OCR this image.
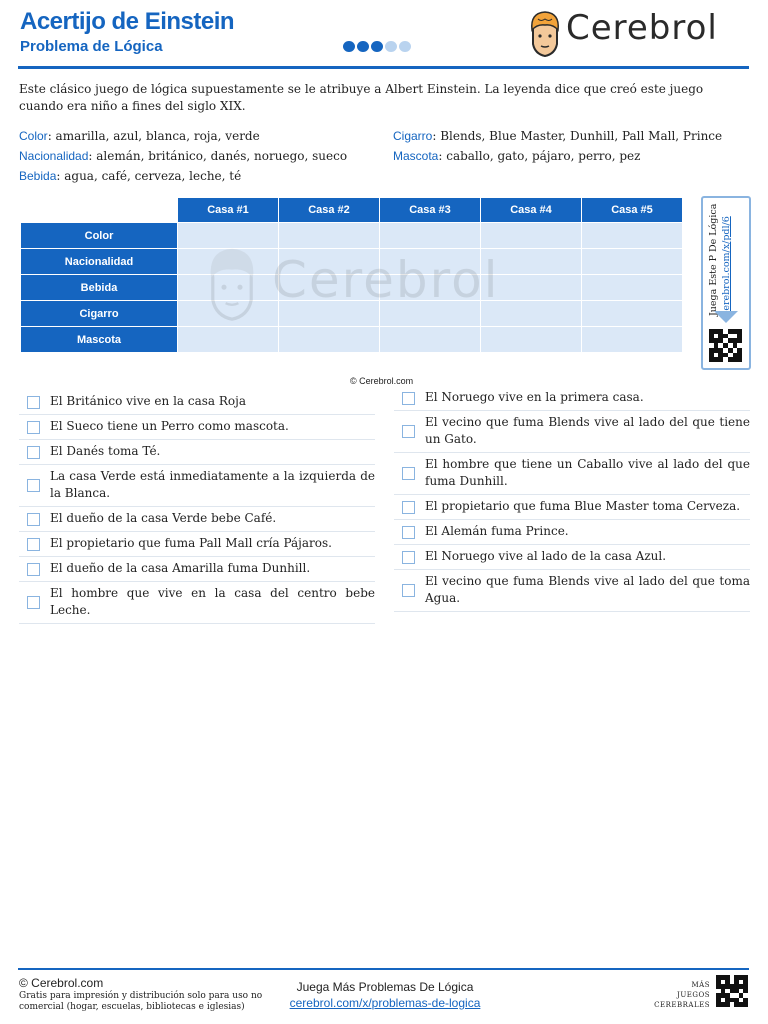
Acertijo de Einstein
Problema de Lógica	Cerebrol
Este clásico juego de lógica supuestamente se le atribuye a Albert Einstein. La leyenda dice que creó este juego cuando era niño a fines del siglo XIX.
Color: amarilla, azul, blanca, roja, verde
Nacionalidad: alemán, británico, danés, noruego, sueco
Bebida: agua, café, cerveza, leche, té
Cigarro: Blends, Blue Master, Dunhill, Pall Mall, Prince
Mascota: caballo, gato, pájaro, perro, pez
	Casa #1	Casa #2	Casa #3	Casa #4	Casa #5
Color					
Nacionalidad					
Bebida					
Cigarro					
Mascota					
Juega Este P De Lógica cerebrol.com/x/pdl/6
© Cerebrol.com
El Británico vive en la casa Roja
El Sueco tiene un Perro como mascota.
El Danés toma Té.
La casa Verde está inmediatamente a la izquierda de la Blanca.
El dueño de la casa Verde bebe Café.
El propietario que fuma Pall Mall cría Pájaros.
El dueño de la casa Amarilla fuma Dunhill.
El hombre que vive en la casa del centro bebe Leche.
El Noruego vive en la primera casa.
El vecino que fuma Blends vive al lado del que tiene un Gato.
El hombre que tiene un Caballo vive al lado del que fuma Dunhill.
El propietario que fuma Blue Master toma Cerveza.
El Alemán fuma Prince.
El Noruego vive al lado de la casa Azul.
El vecino que fuma Blends vive al lado del que toma Agua.
© Cerebrol.com
Gratis para impresión y distribución solo para uso no comercial (hogar, escuelas, bibliotecas e iglesias)
Juega Más Problemas De Lógica
cerebrol.com/x/problemas-de-logica
MÁS
JUEGOS
CEREBRALES
